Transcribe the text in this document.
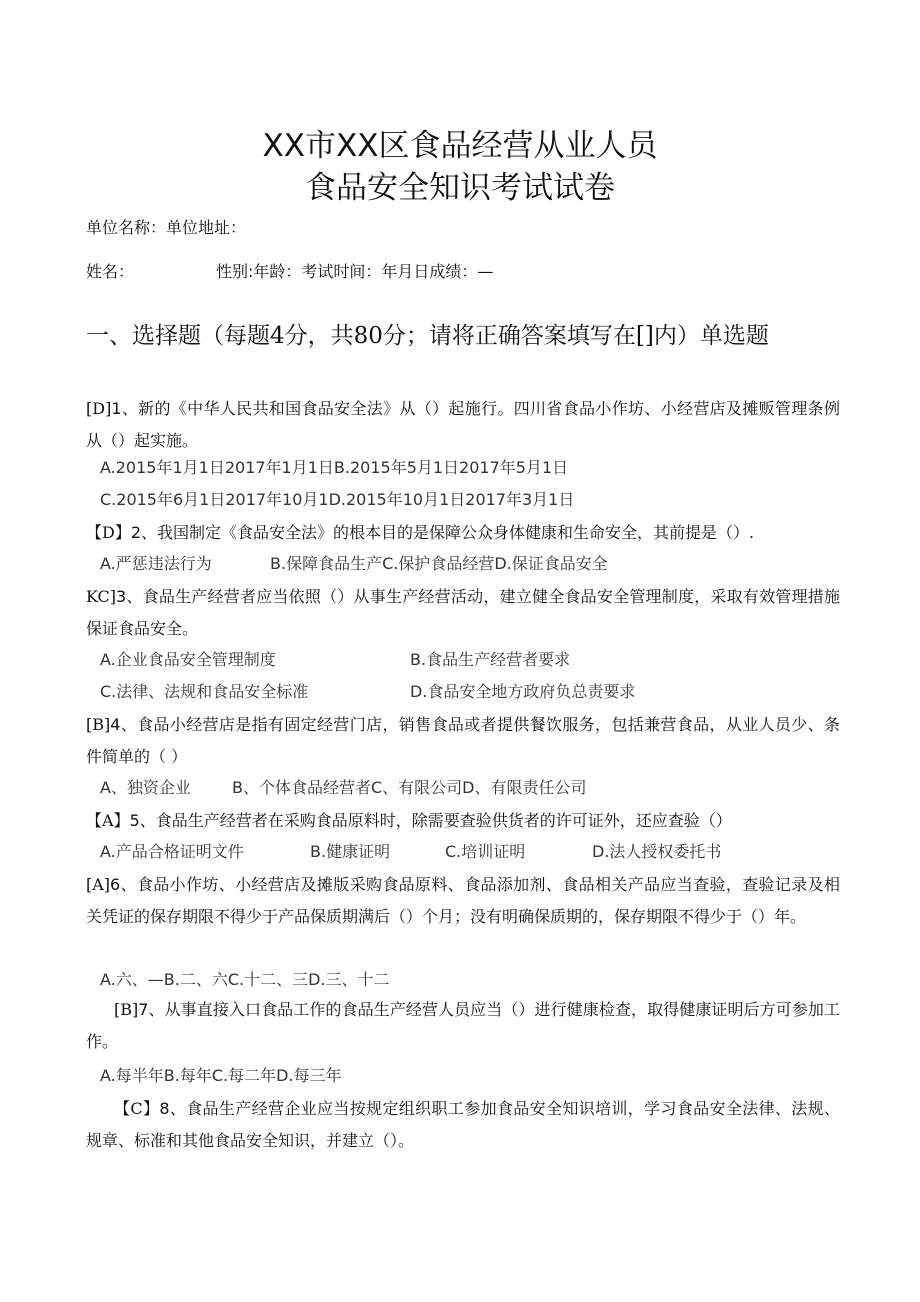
XX市XX区食品经营从业人员
食品安全知识考试试卷
单位名称：单位地址：
姓名：	性别:年龄：考试时间：年月日成绩：—
一、选择题（每题4分，共80分；请将正确答案填写在[]内）单选题
[D]1、新的《中华人民共和国食品安全法》从（）起施行。四川省食品小作坊、小经营店及摊贩管理条例从（）起实施。
A.2015年1月1日2017年1月1日B.2015年5月1日2017年5月1日
C.2015年6月1日2017年10月1D.2015年10月1日2017年3月1日
【D】2、我国制定《食品安全法》的根本目的是保障公众身体健康和生命安全，其前提是（）.
A.严惩违法行为	B.保障食品生产C.保护食品经营D.保证食品安全
KC]3、食品生产经营者应当依照（）从事生产经营活动，建立健全食品安全管理制度，采取有效管理措施保证食品安全。
A.企业食品安全管理制度	B.食品生产经营者要求
C.法律、法规和食品安全标准	D.食品安全地方政府负总责要求
[B]4、食品小经营店是指有固定经营门店，销售食品或者提供餐饮服务，包括兼营食品，从业人员少、条件简单的（ ）
A、独资企业	B、个体食品经营者C、有限公司D、有限责任公司
【A】5、食品生产经营者在采购食品原料时，除需要查验供货者的许可证外，还应查验（）
A.产品合格证明文件	B.健康证明	C.培训证明	D.法人授权委托书
[A]6、食品小作坊、小经营店及摊版采购食品原料、食品添加剂、食品相关产品应当查验，查验记录及相关凭证的保存期限不得少于产品保质期满后（）个月；没有明确保质期的，保存期限不得少于（）年。
A.六、—B.二、六C.十二、三D.三、十二
[B]7、从事直接入口食品工作的食品生产经营人员应当（）进行健康检查，取得健康证明后方可参加工作。
A.每半年B.每年C.每二年D.每三年
【C】8、食品生产经营企业应当按规定组织职工参加食品安全知识培训，学习食品安全法律、法规、规章、标准和其他食品安全知识，并建立（）。
